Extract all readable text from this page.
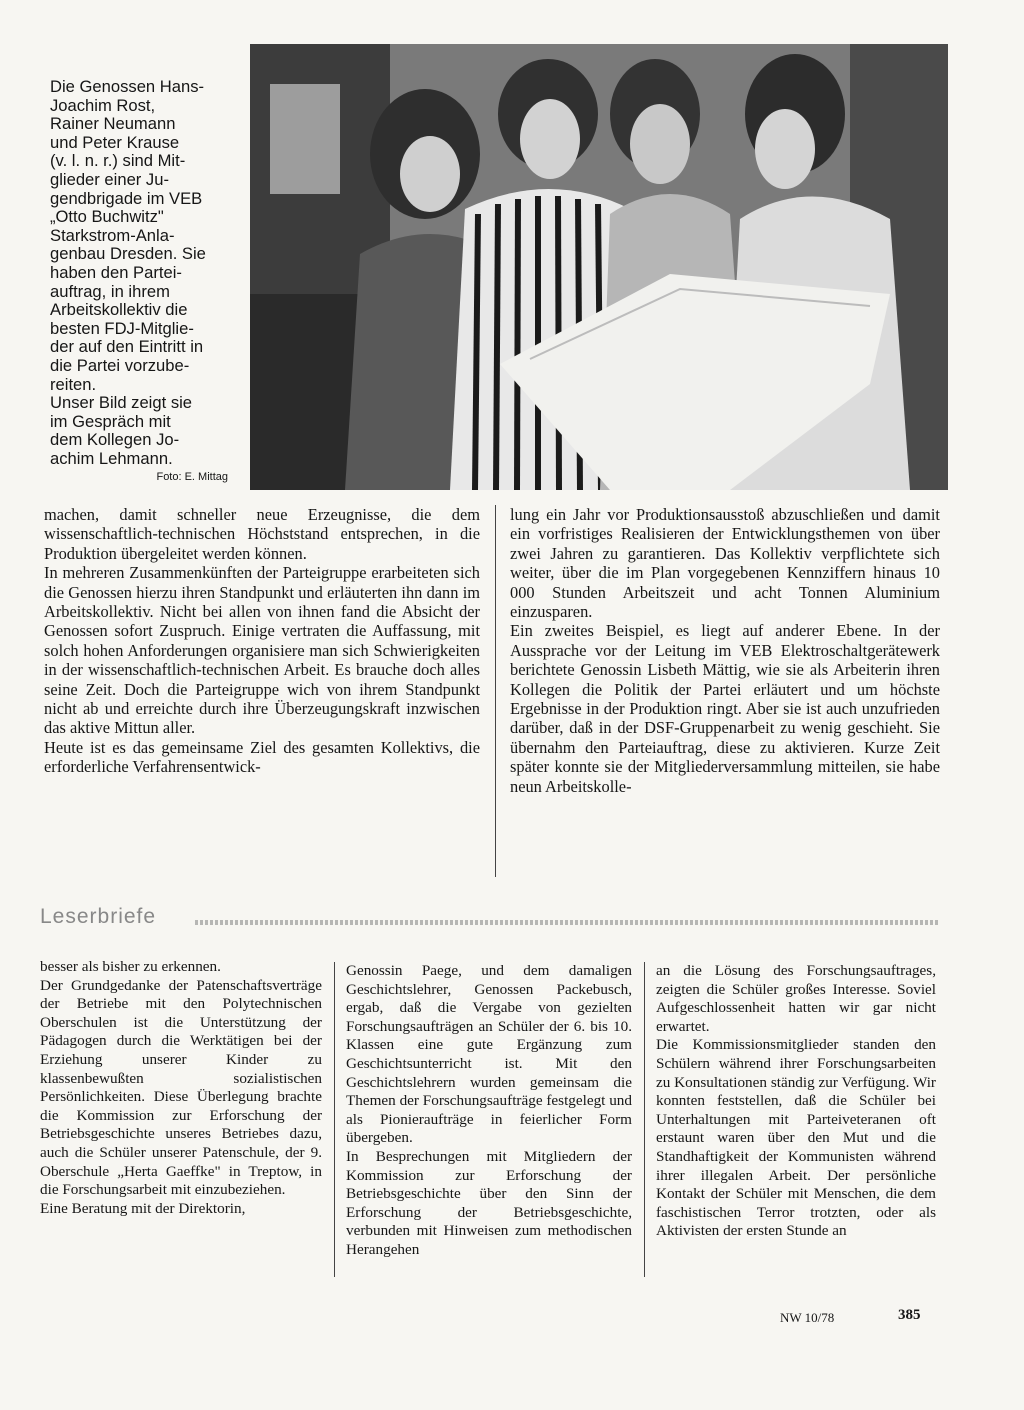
Die Genossen Hans-
Joachim Rost,
Rainer Neumann
und Peter Krause
(v. l. n. r.) sind Mit-
glieder einer Ju-
gendbrigade im VEB
„Otto Buchwitz"
Starkstrom-Anla-
genbau Dresden. Sie
haben den Partei-
auftrag, in ihrem
Arbeitskollektiv die
besten FDJ-Mitglie-
der auf den Eintritt in
die Partei vorzube-
reiten.
Unser Bild zeigt sie
im Gespräch mit
dem Kollegen Jo-
achim Lehmann.
Foto: E. Mittag

machen, damit schneller neue Erzeugnisse, die dem wissenschaftlich-technischen Höchststand entsprechen, in die Produktion übergeleitet werden können.

In mehreren Zusammenkünften der Parteigruppe erarbeiteten sich die Genossen hierzu ihren Standpunkt und erläuterten ihn dann im Arbeitskollektiv. Nicht bei allen von ihnen fand die Absicht der Genossen sofort Zuspruch. Einige vertraten die Auffassung, mit solch hohen Anforderungen organisiere man sich Schwierigkeiten in der wissenschaftlich-technischen Arbeit. Es brauche doch alles seine Zeit. Doch die Parteigruppe wich von ihrem Standpunkt nicht ab und erreichte durch ihre Überzeugungskraft inzwischen das aktive Mittun aller.

Heute ist es das gemeinsame Ziel des gesamten Kollektivs, die erforderliche Verfahrensentwick-

lung ein Jahr vor Produktionsausstoß abzuschließen und damit ein vorfristiges Realisieren der Entwicklungsthemen von über zwei Jahren zu garantieren. Das Kollektiv verpflichtete sich weiter, über die im Plan vorgegebenen Kennziffern hinaus 10 000 Stunden Arbeitszeit und acht Tonnen Aluminium einzusparen.

Ein zweites Beispiel, es liegt auf anderer Ebene. In der Aussprache vor der Leitung im VEB Elektroschaltgerätewerk berichtete Genossin Lisbeth Mättig, wie sie als Arbeiterin ihren Kollegen die Politik der Partei erläutert und um höchste Ergebnisse in der Produktion ringt. Aber sie ist auch unzufrieden darüber, daß in der DSF-Gruppenarbeit zu wenig geschieht. Sie übernahm den Parteiauftrag, diese zu aktivieren. Kurze Zeit später konnte sie der Mitgliederversammlung mitteilen, sie habe neun Arbeitskolle-

Leserbriefe

besser als bisher zu erkennen.

Der Grundgedanke der Patenschaftsverträge der Betriebe mit den Polytechnischen Oberschulen ist die Unterstützung der Pädagogen durch die Werktätigen bei der Erziehung unserer Kinder zu klassenbewußten sozialistischen Persönlichkeiten. Diese Überlegung brachte die Kommission zur Erforschung der Betriebsgeschichte unseres Betriebes dazu, auch die Schüler unserer Patenschule, der 9. Oberschule „Herta Gaeffke" in Treptow, in die Forschungsarbeit mit einzubeziehen.

Eine Beratung mit der Direktorin,

Genossin Paege, und dem damaligen Geschichtslehrer, Genossen Packebusch, ergab, daß die Vergabe von gezielten Forschungsaufträgen an Schüler der 6. bis 10. Klassen eine gute Ergänzung zum Geschichtsunterricht ist. Mit den Geschichtslehrern wurden gemeinsam die Themen der Forschungsaufträge festgelegt und als Pionieraufträge in feierlicher Form übergeben.

In Besprechungen mit Mitgliedern der Kommission zur Erforschung der Betriebsgeschichte über den Sinn der Erforschung der Betriebsgeschichte, verbunden mit Hinweisen zum methodischen Herangehen

an die Lösung des Forschungsauftrages, zeigten die Schüler großes Interesse. Soviel Aufgeschlossenheit hatten wir gar nicht erwartet.

Die Kommissionsmitglieder standen den Schülern während ihrer Forschungsarbeiten zu Konsultationen ständig zur Verfügung. Wir konnten feststellen, daß die Schüler bei Unterhaltungen mit Parteiveteranen oft erstaunt waren über den Mut und die Standhaftigkeit der Kommunisten während ihrer illegalen Arbeit. Der persönliche Kontakt der Schüler mit Menschen, die dem faschistischen Terror trotzten, oder als Aktivisten der ersten Stunde an

NW 10/78	385
